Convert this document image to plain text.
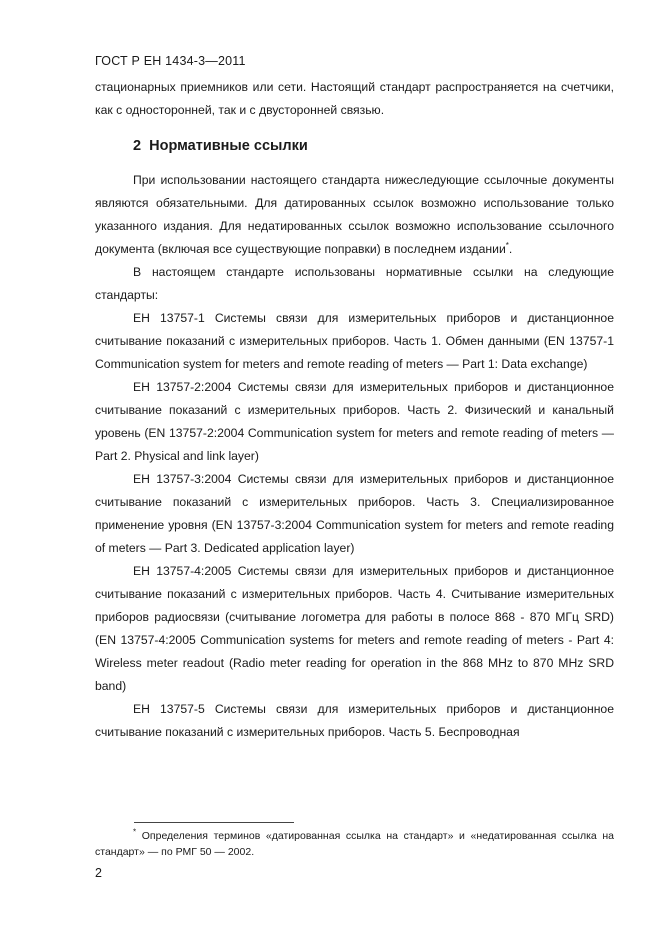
ГОСТ Р ЕН 1434-3—2011

стационарных приемников или сети. Настоящий стандарт распространяется на счетчики, как с односторонней, так и с двусторонней связью.

2 Нормативные ссылки

При использовании настоящего стандарта нижеследующие ссылочные документы являются обязательными. Для датированных ссылок возможно использование только указанного издания. Для недатированных ссылок возможно использование ссылочного документа (включая все существующие поправки) в последнем издании*.

В настоящем стандарте использованы нормативные ссылки на следующие стандарты:

ЕН 13757-1 Системы связи для измерительных приборов и дистанционное считывание показаний с измерительных приборов. Часть 1. Обмен данными (EN 13757-1 Communication system for meters and remote reading of meters — Part 1: Data exchange)

ЕН 13757-2:2004 Системы связи для измерительных приборов и дистанционное считывание показаний с измерительных приборов. Часть 2. Физический и канальный уровень (EN 13757-2:2004 Communication system for meters and remote reading of meters — Part 2. Physical and link layer)

ЕН 13757-3:2004 Системы связи для измерительных приборов и дистанционное считывание показаний с измерительных приборов. Часть 3. Специализированное применение уровня (EN 13757-3:2004 Communication system for meters and remote reading of meters — Part 3. Dedicated application layer)

ЕН 13757-4:2005 Системы связи для измерительных приборов и дистанционное считывание показаний с измерительных приборов. Часть 4. Считывание измерительных приборов радиосвязи (считывание логометра для работы в полосе 868 - 870 МГц SRD) (EN 13757-4:2005 Communication systems for meters and remote reading of meters - Part 4: Wireless meter readout (Radio meter reading for operation in the 868 MHz to 870 MHz SRD band)

ЕН 13757-5 Системы связи для измерительных приборов и дистанционное считывание показаний с измерительных приборов. Часть 5. Беспроводная

* Определения терминов «датированная ссылка на стандарт» и «недатированная ссылка на стандарт» — по РМГ 50 — 2002.
2
